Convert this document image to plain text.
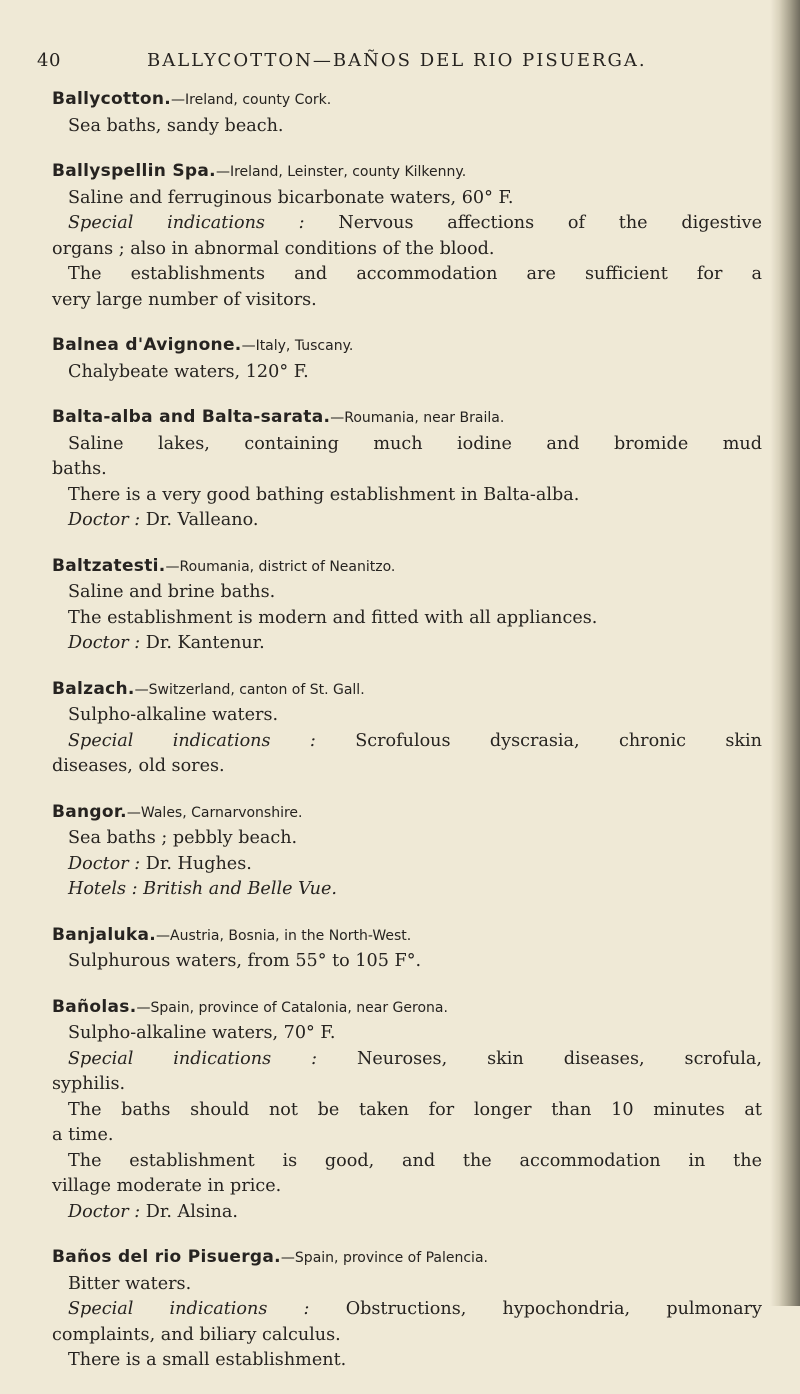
40	BALLYCOTTON—BAÑOS DEL RIO PISUERGA.
Ballycotton.—Ireland, county Cork.
Sea baths, sandy beach.
Ballyspellin Spa.—Ireland, Leinster, county Kilkenny.
Saline and ferruginous bicarbonate waters, 60° F.
Special indications : Nervous affections of the digestive
organs ; also in abnormal conditions of the blood.
The establishments and accommodation are sufficient for a
very large number of visitors.
Balnea d'Avignone.—Italy, Tuscany.
Chalybeate waters, 120° F.
Balta-alba and Balta-sarata.—Roumania, near Braila.
Saline lakes, containing much iodine and bromide mud
baths.
There is a very good bathing establishment in Balta-alba.
Doctor : Dr. Valleano.
Baltzatesti.—Roumania, district of Neanitzo.
Saline and brine baths.
The establishment is modern and fitted with all appliances.
Doctor : Dr. Kantenur.
Balzach.—Switzerland, canton of St. Gall.
Sulpho-alkaline waters.
Special indications : Scrofulous dyscrasia, chronic skin
diseases, old sores.
Bangor.—Wales, Carnarvonshire.
Sea baths ; pebbly beach.
Doctor : Dr. Hughes.
Hotels : British and Belle Vue.
Banjaluka.—Austria, Bosnia, in the North-West.
Sulphurous waters, from 55° to 105 F°.
Bañolas.—Spain, province of Catalonia, near Gerona.
Sulpho-alkaline waters, 70° F.
Special indications : Neuroses, skin diseases, scrofula,
syphilis.
The baths should not be taken for longer than 10 minutes at
a time.
The establishment is good, and the accommodation in the
village moderate in price.
Doctor : Dr. Alsina.
Baños del rio Pisuerga.—Spain, province of Palencia.
Bitter waters.
Special indications : Obstructions, hypochondria, pulmonary
complaints, and biliary calculus.
There is a small establishment.
